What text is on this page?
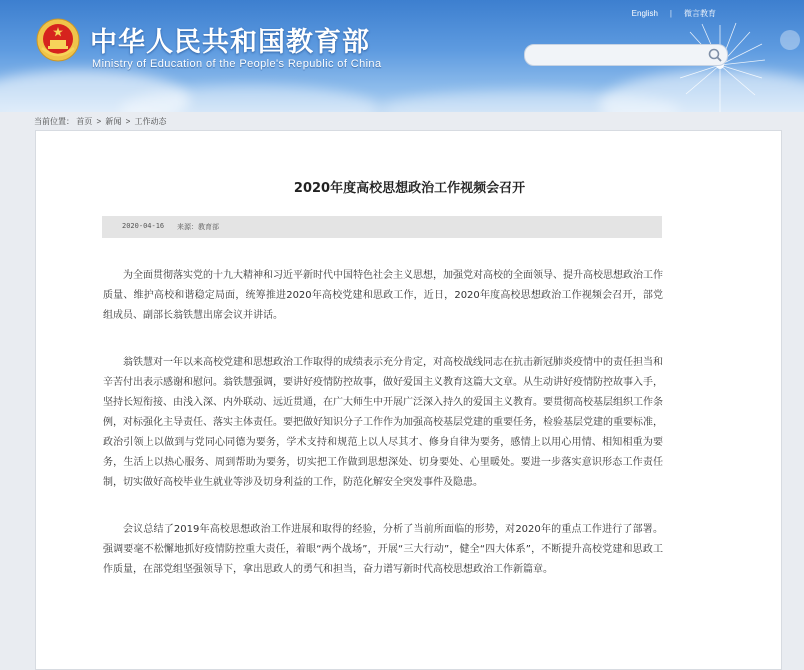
中华人民共和国教育部
Ministry of Education of the People's Republic of China
English | 微言教育
当前位置： 首页 > 新闻 > 工作动态
2020年度高校思想政治工作视频会召开
2020-04-16 来源：教育部

为全面贯彻落实党的十九大精神和习近平新时代中国特色社会主义思想，加强党对高校的全面领导、提升高校思想政治工作质量、维护高校和谐稳定局面，统筹推进2020年高校党建和思政工作，近日，2020年度高校思想政治工作视频会召开，部党组成员、副部长翁铁慧出席会议并讲话。

翁铁慧对一年以来高校党建和思想政治工作取得的成绩表示充分肯定，对高校战线同志在抗击新冠肺炎疫情中的责任担当和辛苦付出表示感谢和慰问。翁铁慧强调，要讲好疫情防控故事，做好爱国主义教育这篇大文章。从生动讲好疫情防控故事入手，坚持长短衔接、由浅入深、内外联动、远近贯通，在广大师生中开展广泛深入持久的爱国主义教育。要贯彻高校基层组织工作条例，对标强化主导责任、落实主体责任。要把做好知识分子工作作为加强高校基层党建的重要任务，检验基层党建的重要标准，政治引领上以做到与党同心同德为要务，学术支持和规范上以人尽其才、修身自律为要务，感情上以用心用情、相知相重为要务，生活上以热心服务、周到帮助为要务，切实把工作做到思想深处、切身要处、心里暖处。要进一步落实意识形态工作责任制，切实做好高校毕业生就业等涉及切身利益的工作，防范化解安全突发事件及隐患。

会议总结了2019年高校思想政治工作进展和取得的经验，分析了当前所面临的形势，对2020年的重点工作进行了部署。强调要毫不松懈地抓好疫情防控重大责任，着眼“两个战场”，开展“三大行动”，健全“四大体系”，不断提升高校党建和思政工作质量，在部党组坚强领导下，拿出思政人的勇气和担当，奋力谱写新时代高校思想政治工作新篇章。
